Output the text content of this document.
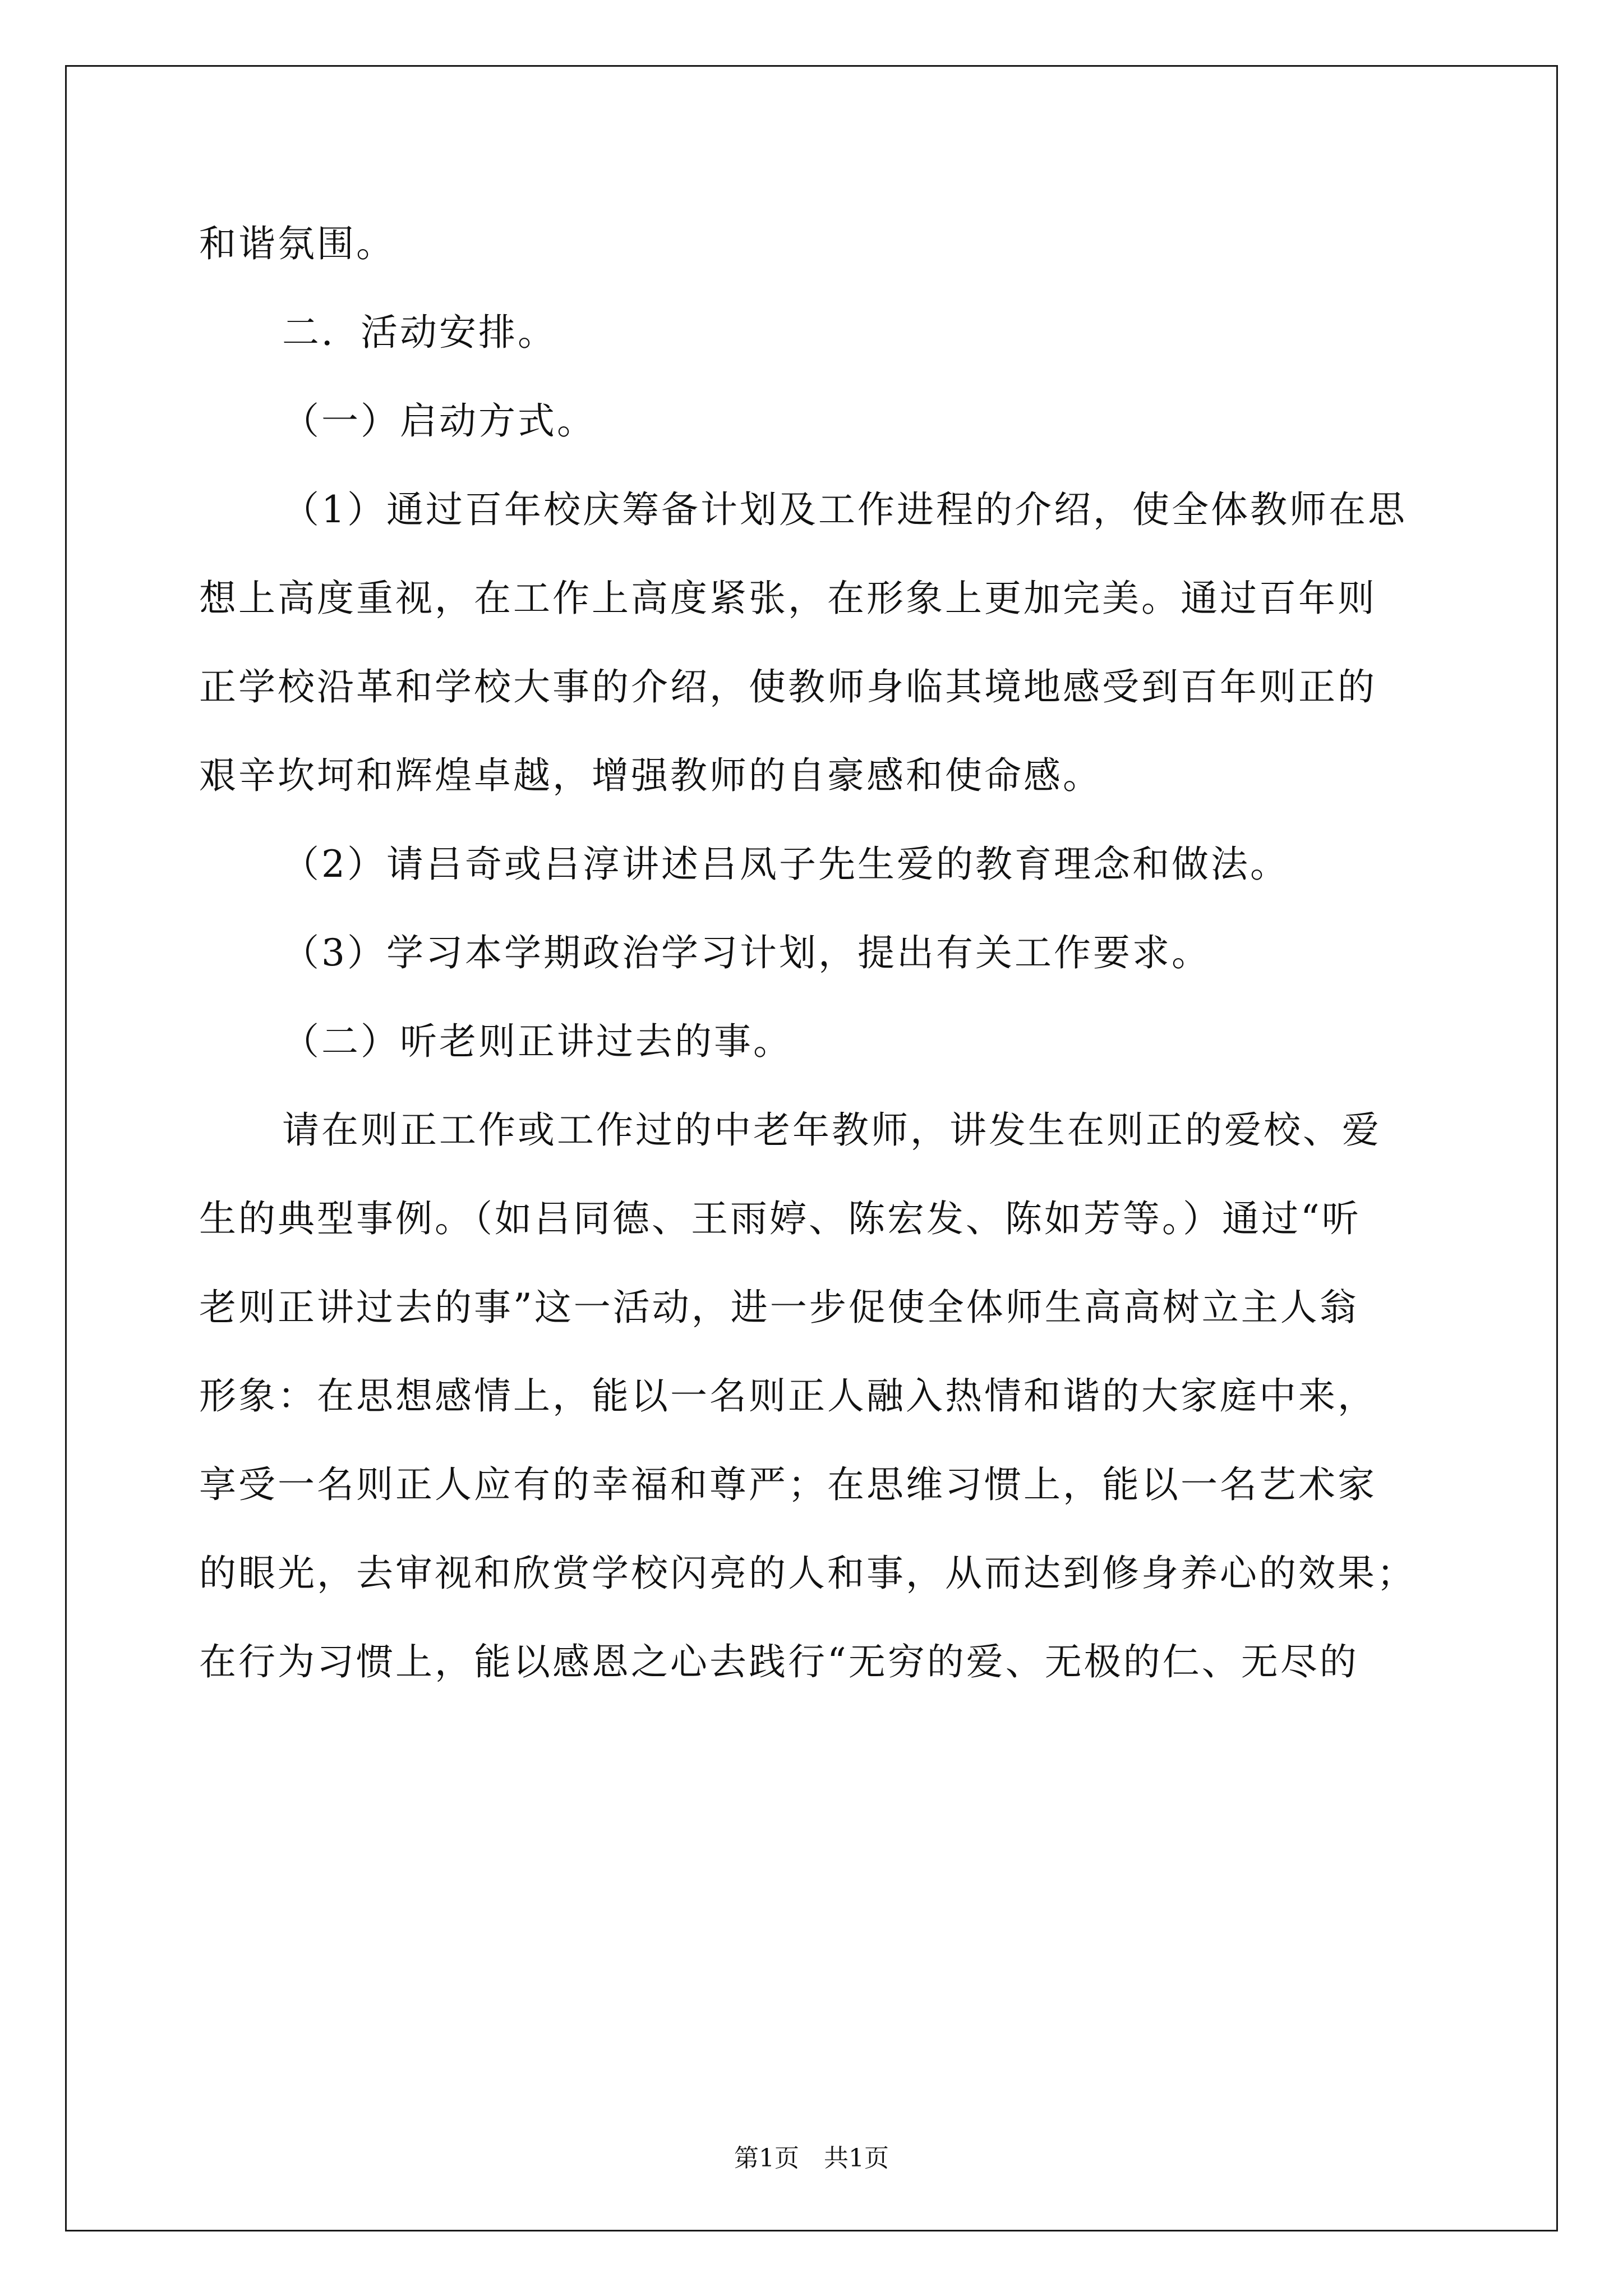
和谐氛围。
二．活动安排。
（一）启动方式。
（1）通过百年校庆筹备计划及工作进程的介绍，使全体教师在思
想上高度重视，在工作上高度紧张，在形象上更加完美。通过百年则
正学校沿革和学校大事的介绍，使教师身临其境地感受到百年则正的
艰辛坎坷和辉煌卓越，增强教师的自豪感和使命感。
（2）请吕奇或吕淳讲述吕凤子先生爱的教育理念和做法。
（3）学习本学期政治学习计划，提出有关工作要求。
（二）听老则正讲过去的事。
请在则正工作或工作过的中老年教师，讲发生在则正的爱校、爱
生的典型事例。（如吕同德、王雨婷、陈宏发、陈如芳等。）通过“听
老则正讲过去的事”这一活动，进一步促使全体师生高高树立主人翁
形象：在思想感情上，能以一名则正人融入热情和谐的大家庭中来，
享受一名则正人应有的幸福和尊严；在思维习惯上，能以一名艺术家
的眼光，去审视和欣赏学校闪亮的人和事，从而达到修身养心的效果；
在行为习惯上，能以感恩之心去践行“无穷的爱、无极的仁、无尽的
第1页　共1页
